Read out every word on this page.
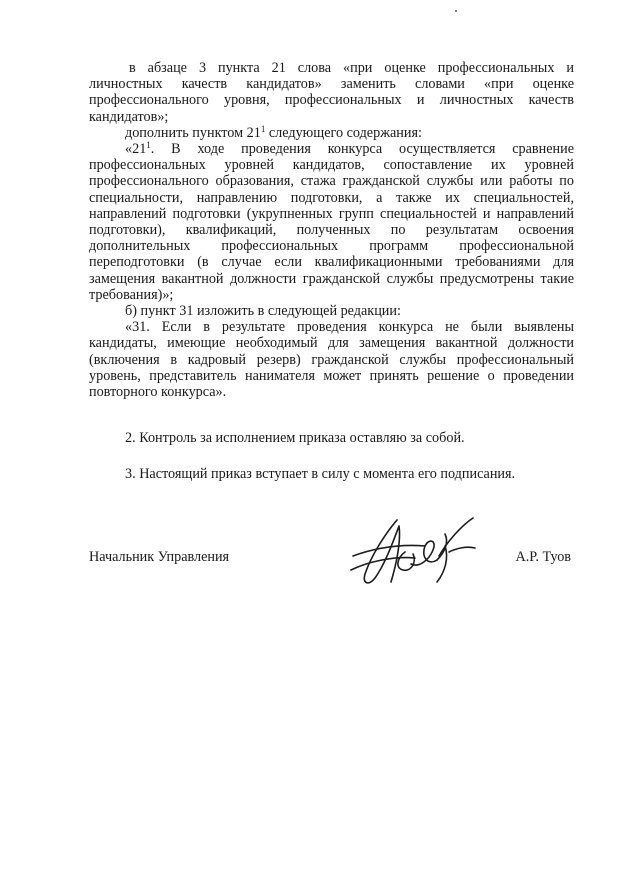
в абзаце 3 пункта 21 слова «при оценке профессиональных и личностных качеств кандидатов» заменить словами «при оценке профессионального уровня, профессиональных и личностных качеств кандидатов»;

дополнить пунктом $21^1$ следующего содержания:

«$21^1$. В ходе проведения конкурса осуществляется сравнение профессиональных уровней кандидатов, сопоставление их уровней профессионального образования, стажа гражданской службы или работы по специальности, направлению подготовки, а также их специальностей, направлений подготовки (укрупненных групп специальностей и направлений подготовки), квалификаций, полученных по результатам освоения дополнительных профессиональных программ профессиональной переподготовки (в случае если квалификационными требованиями для замещения вакантной должности гражданской службы предусмотрены такие требования)»;

б) пункт 31 изложить в следующей редакции:

«31. Если в результате проведения конкурса не были выявлены кандидаты, имеющие необходимый для замещения вакантной должности (включения в кадровый резерв) гражданской службы профессиональный уровень, представитель нанимателя может принять решение о проведении повторного конкурса».

2. Контроль за исполнением приказа оставляю за собой.

3. Настоящий приказ вступает в силу с момента его подписания.

Начальник Управления	А.Р. Туов
